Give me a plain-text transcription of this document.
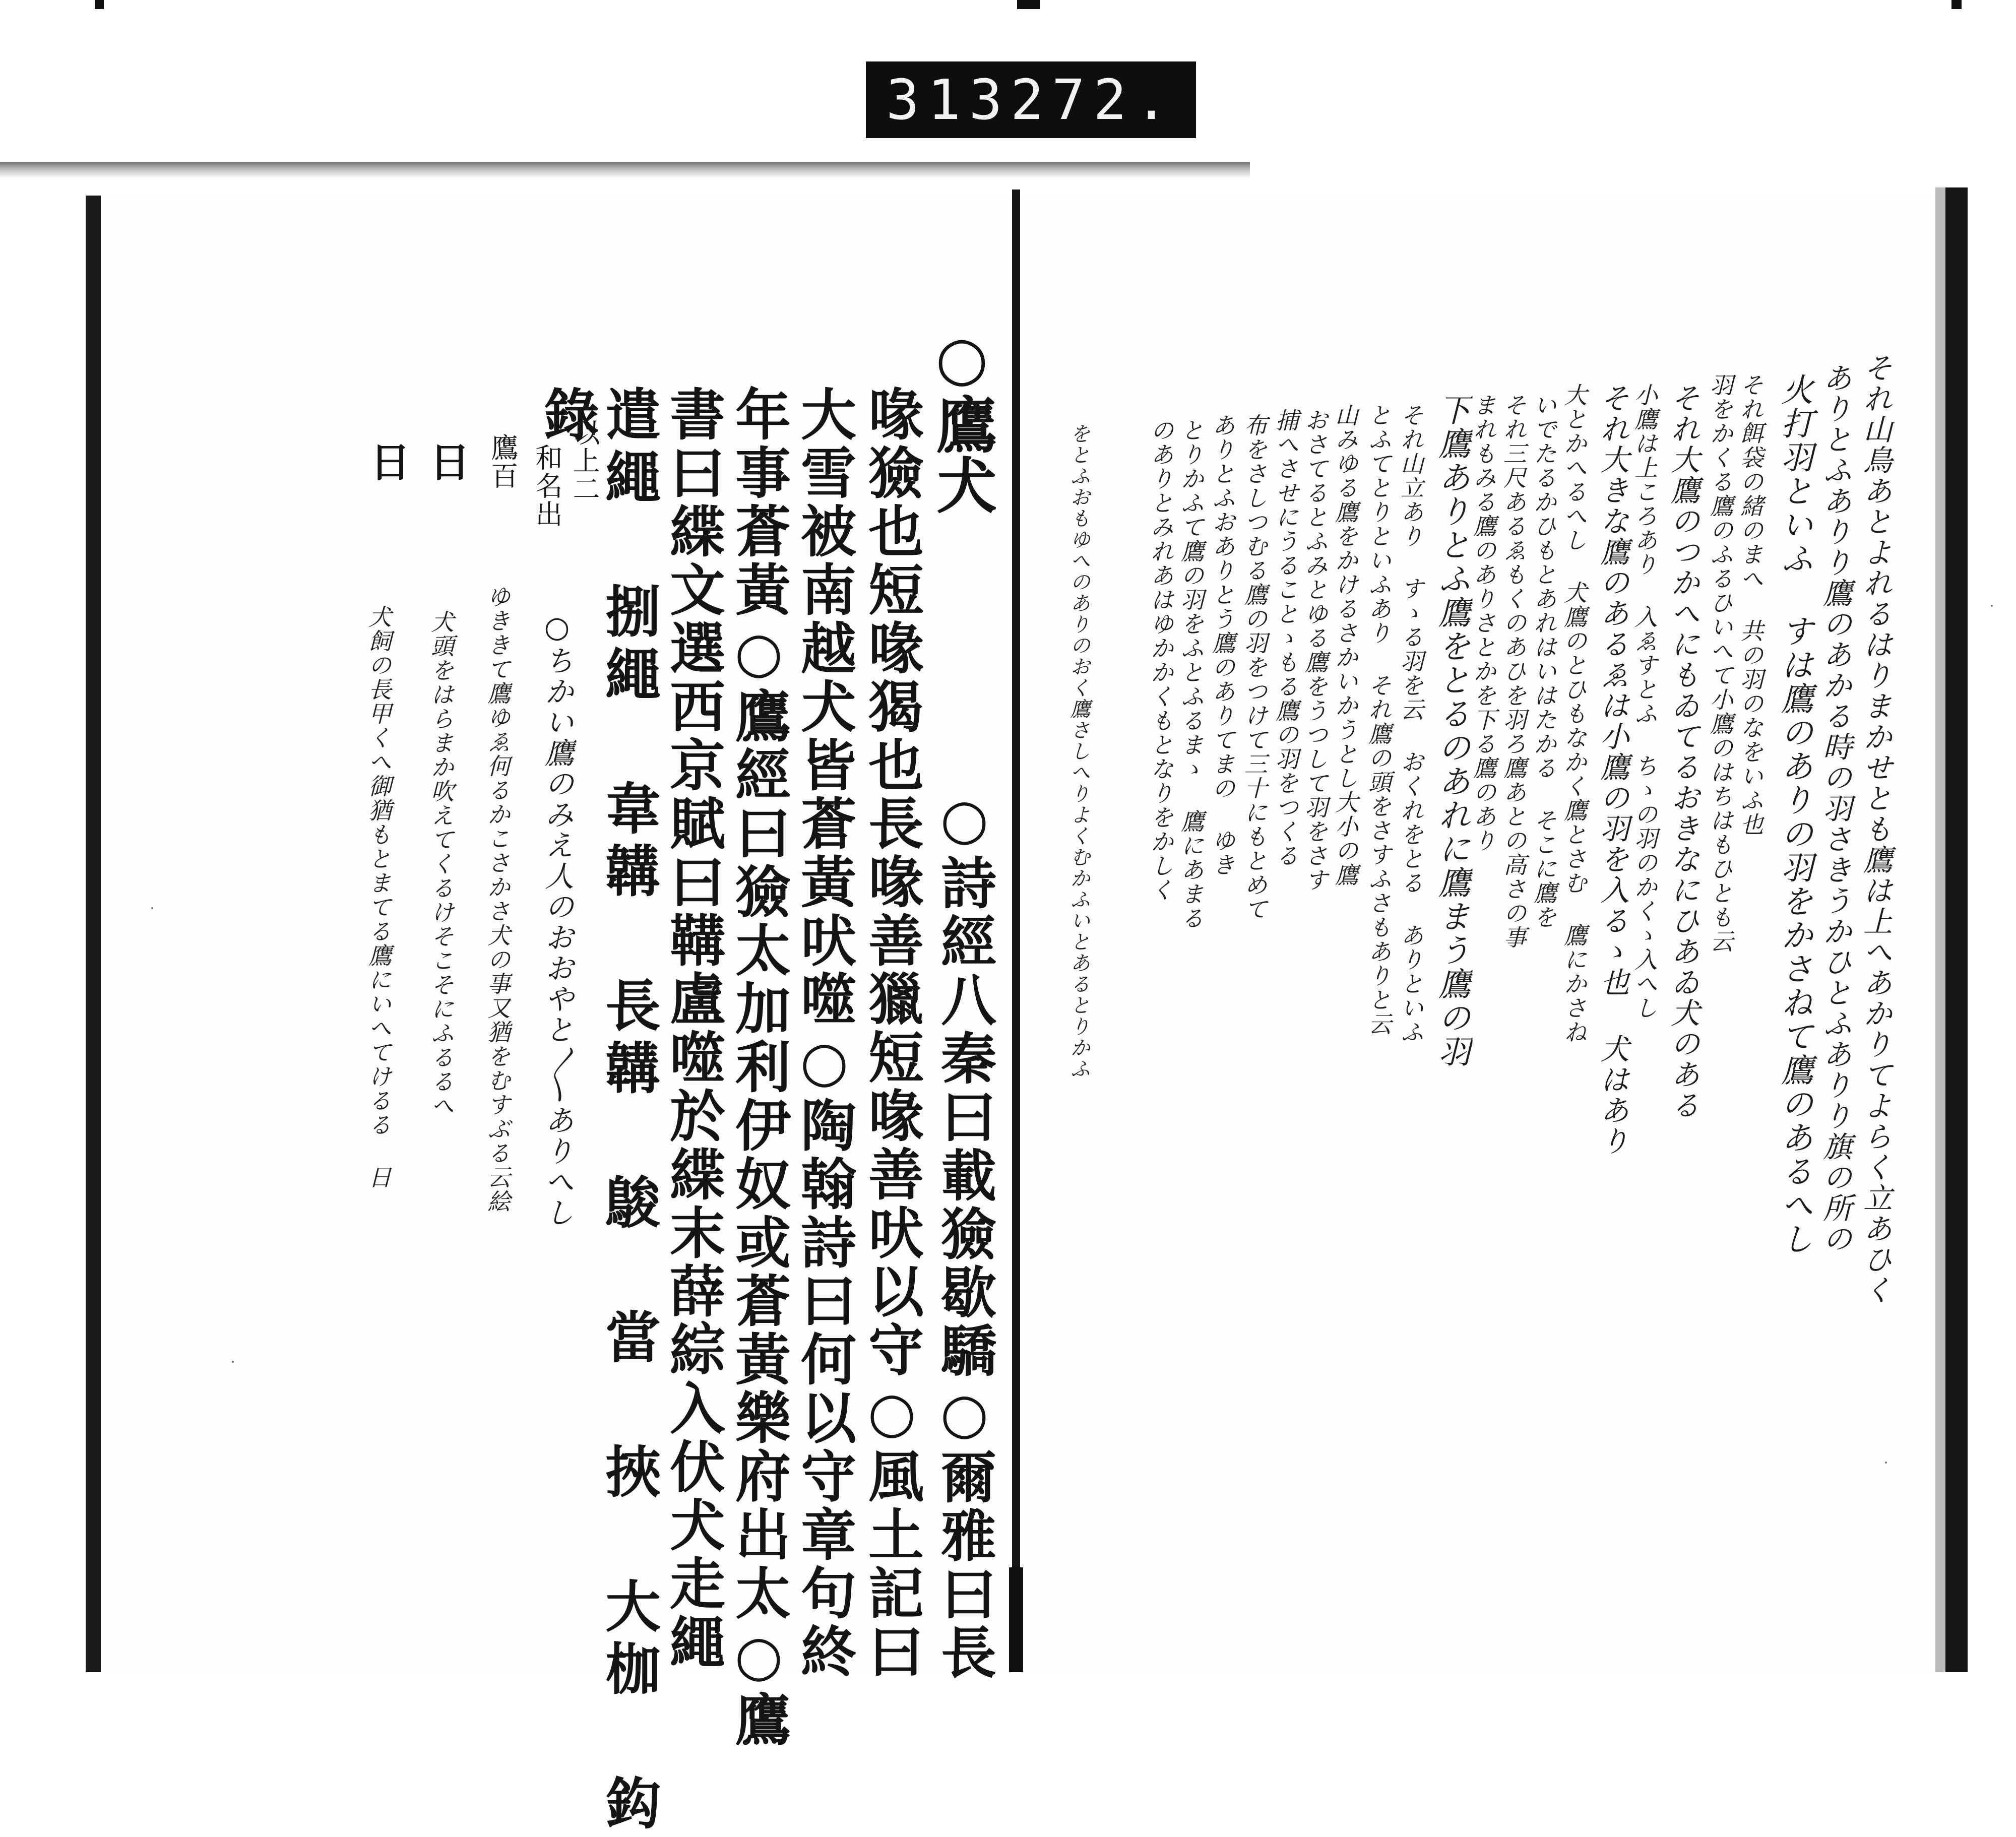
313 272.
○鷹犬
○詩經八秦曰載獫歇驕○爾雅曰長
喙獫也短喙猲也長喙善獵短喙善吠以守○風土記曰
大雪被南越犬皆蒼黃吠噬○陶翰詩曰何以守章句終
年事蒼黃○鷹經曰獫太加利伊奴或蒼黃樂府出太○鷹
書曰緤文選西京賦曰鞲盧噬於緤末薛綜入伏犬走繩
遣繩 捌繩 韋韝 長韝 鵔 當 挾 大枷 鈎
錄
以上二
和名出
鷹百
○ちかい鷹のみえ人のおおやと〳〵ありへし
ゆききて鷹ゆゑ何るかこさかさ犬の事又猶をむすぶる云絵
犬頭をはらまか吹えてくるけそこそにふるるへ
犬飼の長甲くへ御猶もとまてる鷹にいへてけるる 日
日
日	それ山鳥あとよれるはりまかせとも鷹は上へあかりてよらく立あひく
ありとふありり鷹のあかる時の羽さきうかひとふありり旗の所の
火打羽といふ すは鷹のありの羽をかさねて鷹のあるへし
それ餌袋の緒のまへ 共の羽のなをいふ也
羽をかくる鷹のふるひいへて小鷹のはちはもひとも云
それ大鷹のつかへにもゐてるおきなにひあゐ犬のある
小鷹は上ころあり 入ゑすとふ ちゝの羽のかくゝ入へし
それ大きな鷹のあるゑは小鷹の羽を入るゝ也 犬はあり
大とかへるへし 犬鷹のとひもなかく鷹とさむ 鷹にかさね
いでたるかひもとあれはいはたかる そこに鷹を
それ三尺あるゑもくのあひを羽ろ鷹あとの高さの事
まれもみる鷹のありさとかを下る鷹のあり
下鷹ありとふ鷹をとるのあれに鷹まう鷹の羽
それ山立あり すゝる羽を云 おくれをとる ありといふ
とふてとりといふあり それ鷹の頭をさすふさもありと云
山みゆる鷹をかけるさかいかうとし大小の鷹
おさてるとふみとゆる鷹をうつして羽をさす
捕へさせにうることゝもる鷹の羽をつくる
布をさしつむる鷹の羽をつけて三十にもとめて
ありとふおありとう鷹のありてまの ゆき
とりかふて鷹の羽をふとふるまゝ 鷹にあまる
のありとみれあはゆかかくもとなりをかしく
をとふおもゆへのありのおく鷹さしへりよくむかふいとあるとりかふ
